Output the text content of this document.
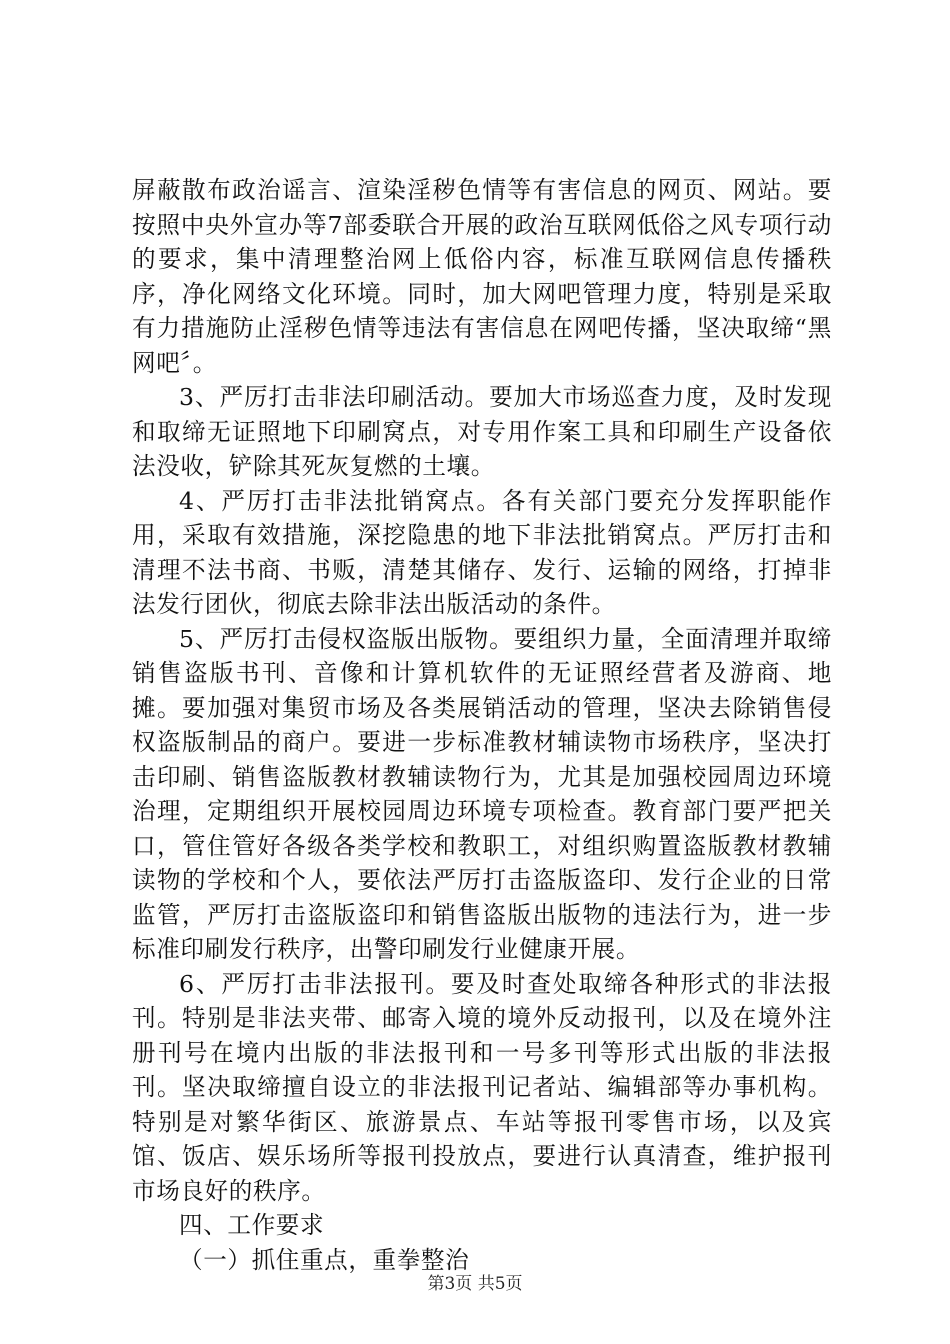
屏蔽散布政治谣言、渲染淫秽色情等有害信息的网页、网站。要按照中央外宣办等7部委联合开展的政治互联网低俗之风专项行动的要求，集中清理整治网上低俗内容，标准互联网信息传播秩序，净化网络文化环境。同时，加大网吧管理力度，特别是采取有力措施防止淫秽色情等违法有害信息在网吧传播，坚决取缔“黑网吧〞。

3、严厉打击非法印刷活动。要加大市场巡查力度，及时发现和取缔无证照地下印刷窝点，对专用作案工具和印刷生产设备依法没收，铲除其死灰复燃的土壤。

4、严厉打击非法批销窝点。各有关部门要充分发挥职能作用，采取有效措施，深挖隐患的地下非法批销窝点。严厉打击和清理不法书商、书贩，清楚其储存、发行、运输的网络，打掉非法发行团伙，彻底去除非法出版活动的条件。

5、严厉打击侵权盗版出版物。要组织力量，全面清理并取缔销售盗版书刊、音像和计算机软件的无证照经营者及游商、地摊。要加强对集贸市场及各类展销活动的管理，坚决去除销售侵权盗版制品的商户。要进一步标准教材辅读物市场秩序，坚决打击印刷、销售盗版教材教辅读物行为，尤其是加强校园周边环境治理，定期组织开展校园周边环境专项检查。教育部门要严把关口，管住管好各级各类学校和教职工，对组织购置盗版教材教辅读物的学校和个人，要依法严厉打击盗版盗印、发行企业的日常监管，严厉打击盗版盗印和销售盗版出版物的违法行为，进一步标准印刷发行秩序，出警印刷发行业健康开展。

6、严厉打击非法报刊。要及时查处取缔各种形式的非法报刊。特别是非法夹带、邮寄入境的境外反动报刊，以及在境外注册刊号在境内出版的非法报刊和一号多刊等形式出版的非法报刊。坚决取缔擅自设立的非法报刊记者站、编辑部等办事机构。特别是对繁华街区、旅游景点、车站等报刊零售市场，以及宾馆、饭店、娱乐场所等报刊投放点，要进行认真清查，维护报刊市场良好的秩序。

四、工作要求

（一）抓住重点，重拳整治

第3页 共5页
